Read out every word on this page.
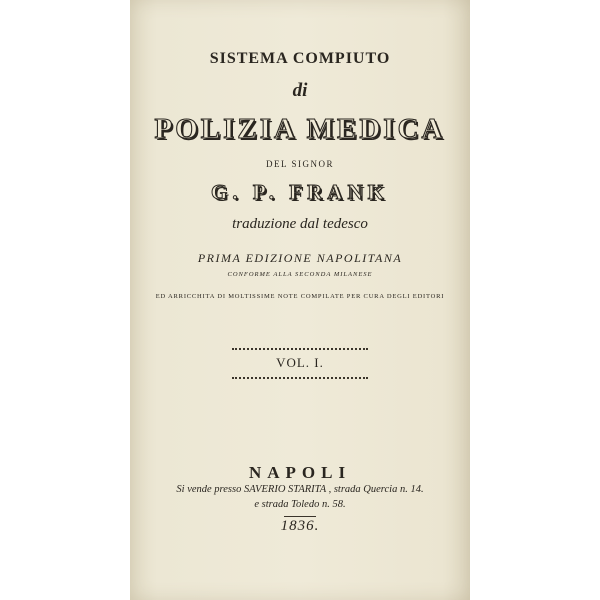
SISTEMA COMPIUTO
di
POLIZIA MEDICA
DEL SIGNOR
G. P. FRANK
traduzione dal tedesco
PRIMA EDIZIONE NAPOLITANA
CONFORME ALLA SECONDA MILANESE
ED ARRICCHITA DI MOLTISSIME NOTE COMPILATE PER CURA DEGLI EDITORI
VOL. I.
NAPOLI
Si vende presso SAVERIO STARITA , strada Quercia n. 14.
e strada Toledo n. 58.
1836.
